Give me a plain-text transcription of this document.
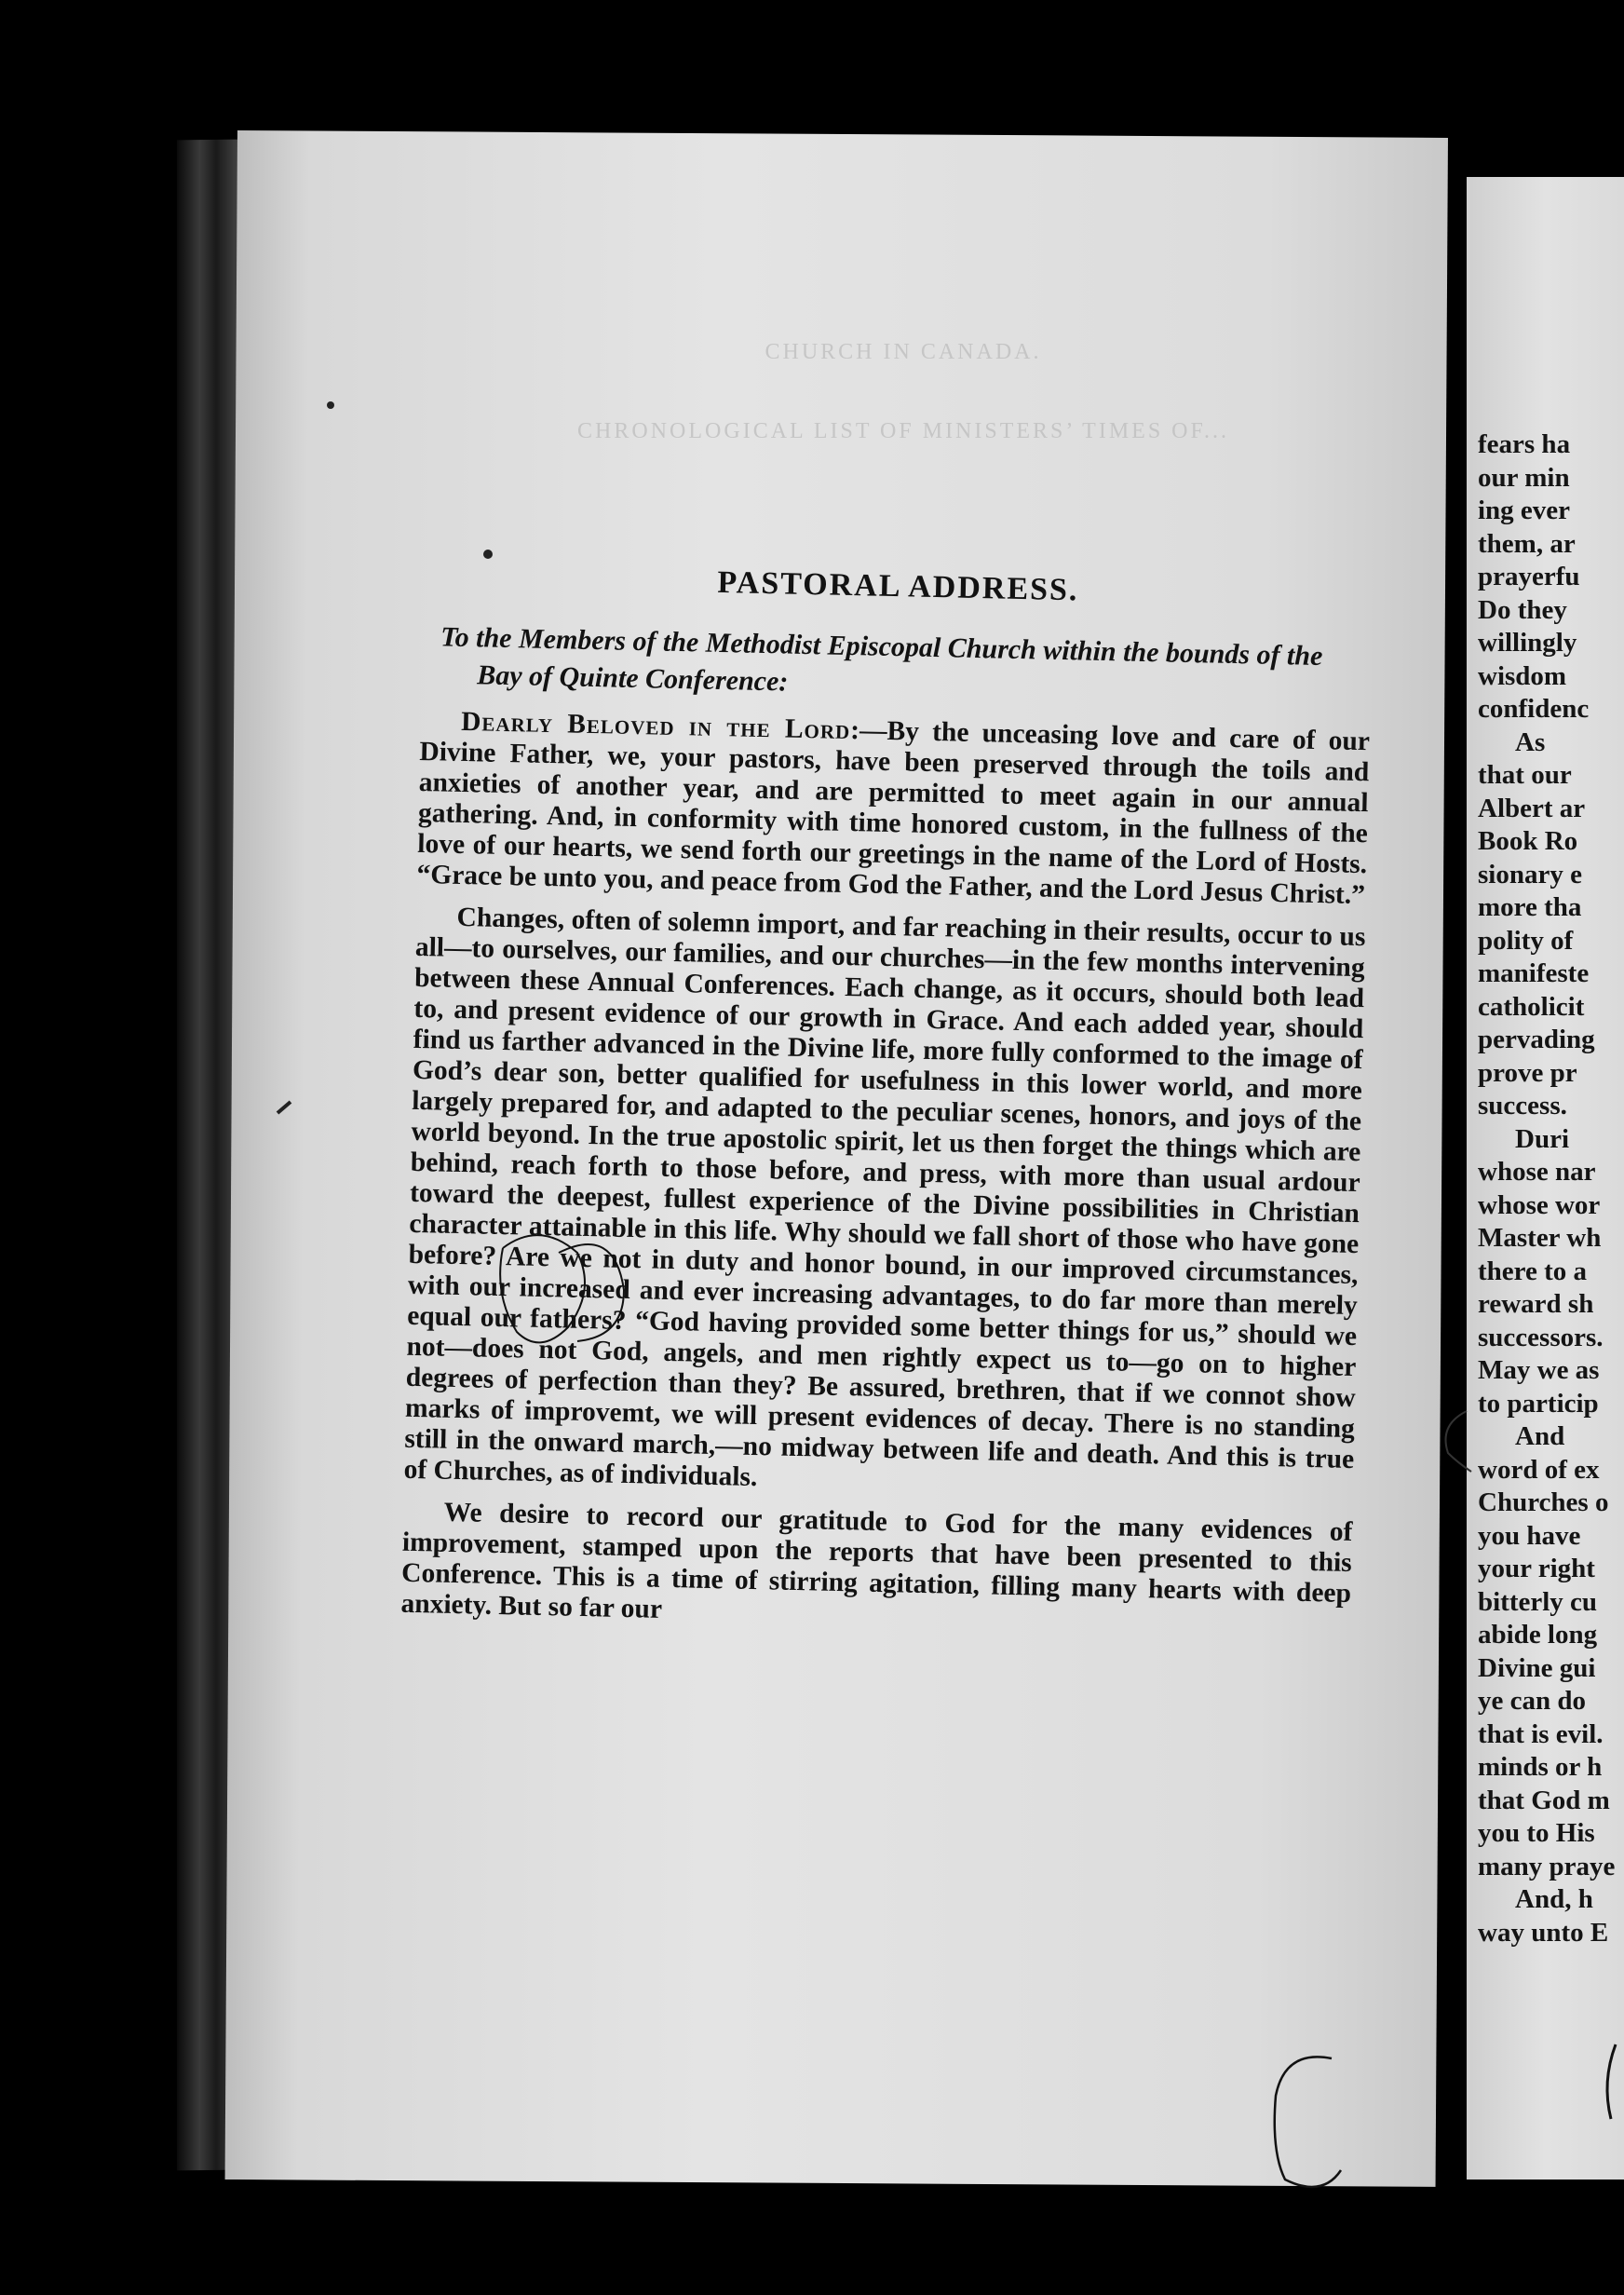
CHURCH IN CANADA.
CHRONOLOGICAL LIST OF MINISTERS’ TIMES OF...
PASTORAL ADDRESS.
To the Members of the Methodist Episcopal Church within the bounds of the Bay of Quinte Conference:

Dearly Beloved in the Lord:—By the unceasing love and care of our Divine Father, we, your pastors, have been preserved through the toils and anxieties of another year, and are permitted to meet again in our annual gathering. And, in conformity with time honored custom, in the fullness of the love of our hearts, we send forth our greetings in the name of the Lord of Hosts. “Grace be unto you, and peace from God the Father, and the Lord Jesus Christ.”

Changes, often of solemn import, and far reaching in their results, occur to us all—to ourselves, our families, and our churches—in the few months intervening between these Annual Conferences. Each change, as it occurs, should both lead to, and present evidence of our growth in Grace. And each added year, should find us farther advanced in the Divine life, more fully conformed to the image of God’s dear son, better qualified for usefulness in this lower world, and more largely prepared for, and adapted to the peculiar scenes, honors, and joys of the world beyond. In the true apostolic spirit, let us then forget the things which are behind, reach forth to those before, and press, with more than usual ardour toward the deepest, fullest experience of the Divine possibilities in Christian character attainable in this life. Why should we fall short of those who have gone before? Are we not in duty and honor bound, in our improved circumstances, with our increased and ever increasing advantages, to do far more than merely equal our fathers? “God having provided some better things for us,” should we not—does not God, angels, and men rightly expect us to—go on to higher degrees of perfection than they? Be assured, brethren, that if we connot show marks of improvemt, we will present evidences of decay. There is no standing still in the onward march,—no midway between life and death. And this is true of Churches, as of individuals.

We desire to record our gratitude to God for the many evidences of improvement, stamped upon the reports that have been presented to this Conference. This is a time of stirring agitation, filling many hearts with deep anxiety. But so far our

fears ha
our min
ing ever
them, ar
prayerfu
Do they
willingly
wisdom
confidenc
As
that our
Albert ar
Book Ro
sionary e
more tha
polity of
manifeste
catholicit
pervading
prove pr
success.
Duri
whose nar
whose wor
Master wh
there to a
reward sh
successors.
May we as
to particip
And
word of ex
Churches o
you have
your right
bitterly cu
abide long
Divine gui
ye can do
that is evil.
minds or h
that God m
you to His
many praye
And, h
way unto E
